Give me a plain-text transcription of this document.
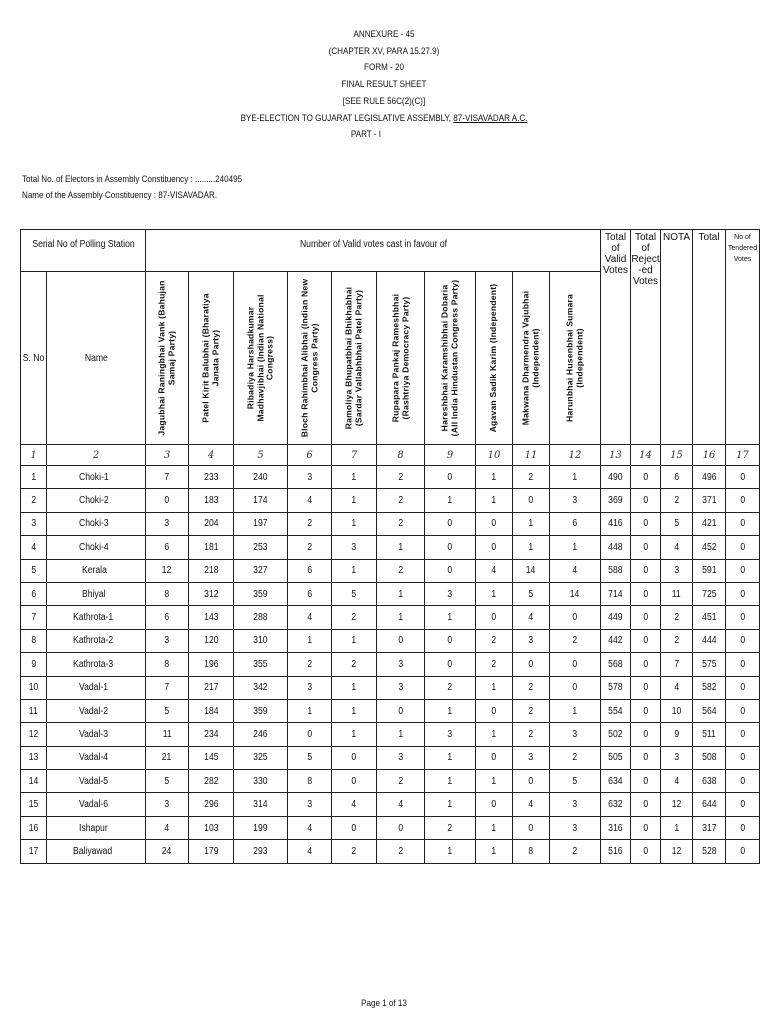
ANNEXURE - 45
(CHAPTER XV, PARA 15.27.9)
FORM - 20
FINAL RESULT SHEET
[SEE RULE 56C(2)(C)]
BYE-ELECTION TO GUJARAT LEGISLATIVE ASSEMBLY, 87-VISAVADAR A.C.
PART - I
Total No. of Electors in Assembly Constituency : .........240495
Name of the Assembly Constituency : 87-VISAVADAR.
Serial No of Polling Station		Number of Valid votes cast in favour of										Total of Valid Votes	Total of Reject -ed Votes	NOTA	Total	No of Tendered Votes
S. No	Name	Jagubhai Raningbhai Vank (Bahujan Samaj Party)	Patel Kirit Balubhai (Bharatiya Janata Party)	Ribadiya Harshadkumar Madhavjibhai (Indian National Congress)	Bloch Rahimbhai Alibhai (Indian New Congress Party)	Ramoliya Bhupatbhai Bhikhabhai (Sardar Vallabhbhai Patel Party)	Rupapara Pankaj Rameshbhai (Rashtriya Democracy Party)	Hareshbhai Karamshibhai Dobaria (All India Hindustan Congress Party)	Agavan Sadik Karim (Independent)	Makwana Dharmendra Vajubhai (Independent)	Harunbhai Husenbhai Sumara (Independent)					

1	2	3	4	5	6	7	8	9	10	11	12	13	14	15	16	17
1	Choki-1	7	233	240	3	1	2	0	1	2	1	490	0	6	496	0
2	Choki-2	0	183	174	4	1	2	1	1	0	3	369	0	2	371	0
3	Choki-3	3	204	197	2	1	2	0	0	1	6	416	0	5	421	0
4	Choki-4	6	181	253	2	3	1	0	0	1	1	448	0	4	452	0
5	Kerala	12	218	327	6	1	2	0	4	14	4	588	0	3	591	0
6	Bhiyal	8	312	359	6	5	1	3	1	5	14	714	0	11	725	0
7	Kathrota-1	6	143	288	4	2	1	1	0	4	0	449	0	2	451	0
8	Kathrota-2	3	120	310	1	1	0	0	2	3	2	442	0	2	444	0
9	Kathrota-3	8	196	355	2	2	3	0	2	0	0	568	0	7	575	0
10	Vadal-1	7	217	342	3	1	3	2	1	2	0	578	0	4	582	0
11	Vadal-2	5	184	359	1	1	0	1	0	2	1	554	0	10	564	0
12	Vadal-3	11	234	246	0	1	1	3	1	2	3	502	0	9	511	0
13	Vadal-4	21	145	325	5	0	3	1	0	3	2	505	0	3	508	0
14	Vadal-5	5	282	330	8	0	2	1	1	0	5	634	0	4	638	0
15	Vadal-6	3	296	314	3	4	4	1	0	4	3	632	0	12	644	0
16	Ishapur	4	103	199	4	0	0	2	1	0	3	316	0	1	317	0
17	Baliyawad	24	179	293	4	2	2	1	1	8	2	516	0	12	528	0
Page 1 of 13
